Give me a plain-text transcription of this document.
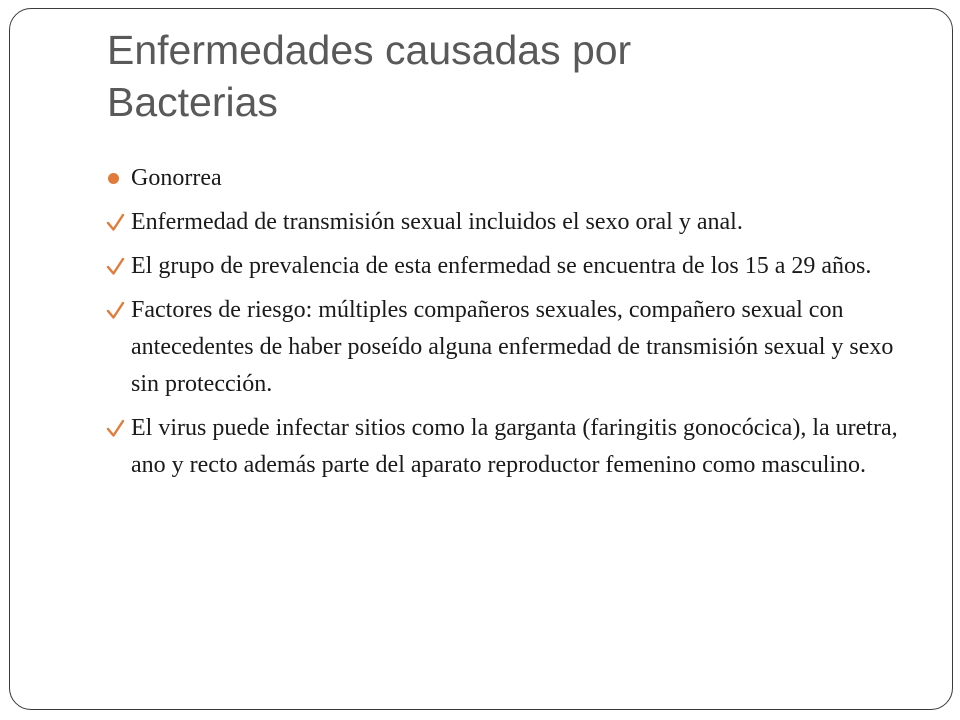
Enfermedades causadas por
Bacterias
Gonorrea
Enfermedad de transmisión sexual incluidos el sexo oral y anal.
El grupo de prevalencia de esta enfermedad se encuentra de los 15 a 29 años.
Factores de riesgo: múltiples compañeros sexuales, compañero sexual con antecedentes de haber poseído alguna enfermedad de transmisión sexual y sexo sin protección.
El virus puede infectar sitios como la garganta (faringitis gonocócica), la uretra, ano y recto además parte del aparato reproductor femenino como masculino.
